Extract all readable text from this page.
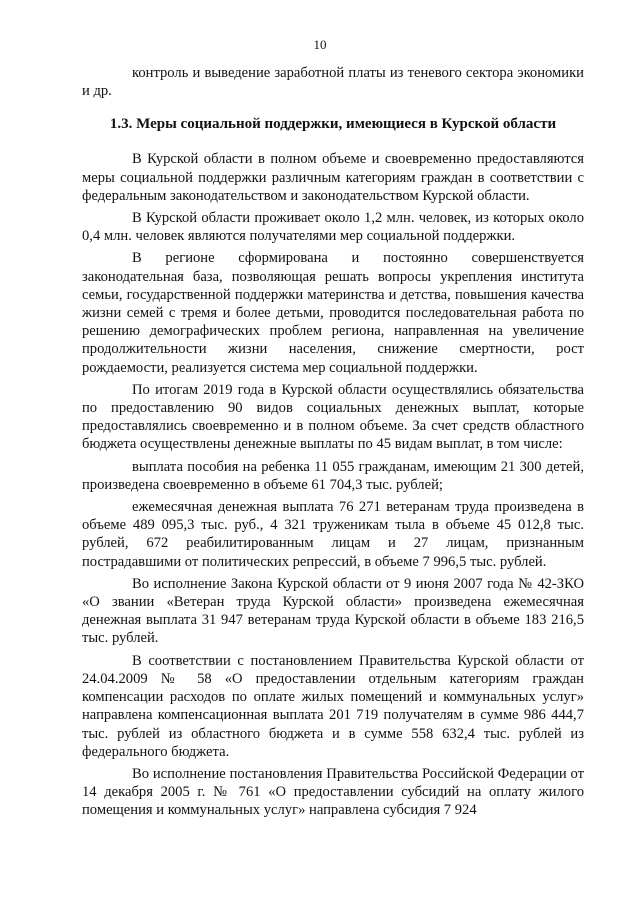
10

контроль и выведение заработной платы из теневого сектора экономики и др.

1.3. Меры социальной поддержки, имеющиеся в Курской области

В Курской области в полном объеме и своевременно предоставляются меры социальной поддержки различным категориям граждан в соответствии с федеральным законодательством и законодательством Курской области.

В Курской области проживает около 1,2 млн. человек, из которых около 0,4 млн. человек являются получателями мер социальной поддержки.

В регионе сформирована и постоянно совершенствуется законодательная база, позволяющая решать вопросы укрепления института семьи, государственной поддержки материнства и детства, повышения качества жизни семей с тремя и более детьми, проводится последовательная работа по решению демографических проблем региона, направленная на увеличение продолжительности жизни населения, снижение смертности, рост рождаемости, реализуется система мер социальной поддержки.

По итогам 2019 года в Курской области осуществлялись обязательства по предоставлению 90 видов социальных денежных выплат, которые предоставлялись своевременно и в полном объеме. За счет средств областного бюджета осуществлены денежные выплаты по 45 видам выплат, в том числе:

выплата пособия на ребенка 11 055 гражданам, имеющим 21 300 детей, произведена своевременно в объеме 61 704,3 тыс. рублей;

ежемесячная денежная выплата 76 271 ветеранам труда произведена в объеме 489 095,3 тыс. руб., 4 321 труженикам тыла в объеме 45 012,8 тыс. рублей, 672 реабилитированным лицам и 27 лицам, признанным пострадавшими от политических репрессий, в объеме 7 996,5 тыс. рублей.

Во исполнение Закона Курской области от 9 июня 2007 года № 42-ЗКО «О звании «Ветеран труда Курской области» произведена ежемесячная денежная выплата 31 947 ветеранам труда Курской области в объеме 183 216,5 тыс. рублей.

В соответствии с постановлением Правительства Курской области от 24.04.2009 № 58 «О предоставлении отдельным категориям граждан компенсации расходов по оплате жилых помещений и коммунальных услуг» направлена компенсационная выплата 201 719 получателям в сумме 986 444,7 тыс. рублей из областного бюджета и в сумме 558 632,4 тыс. рублей из федерального бюджета.

Во исполнение постановления Правительства Российской Федерации от 14 декабря 2005 г. № 761 «О предоставлении субсидий на оплату жилого помещения и коммунальных услуг» направлена субсидия 7 924
